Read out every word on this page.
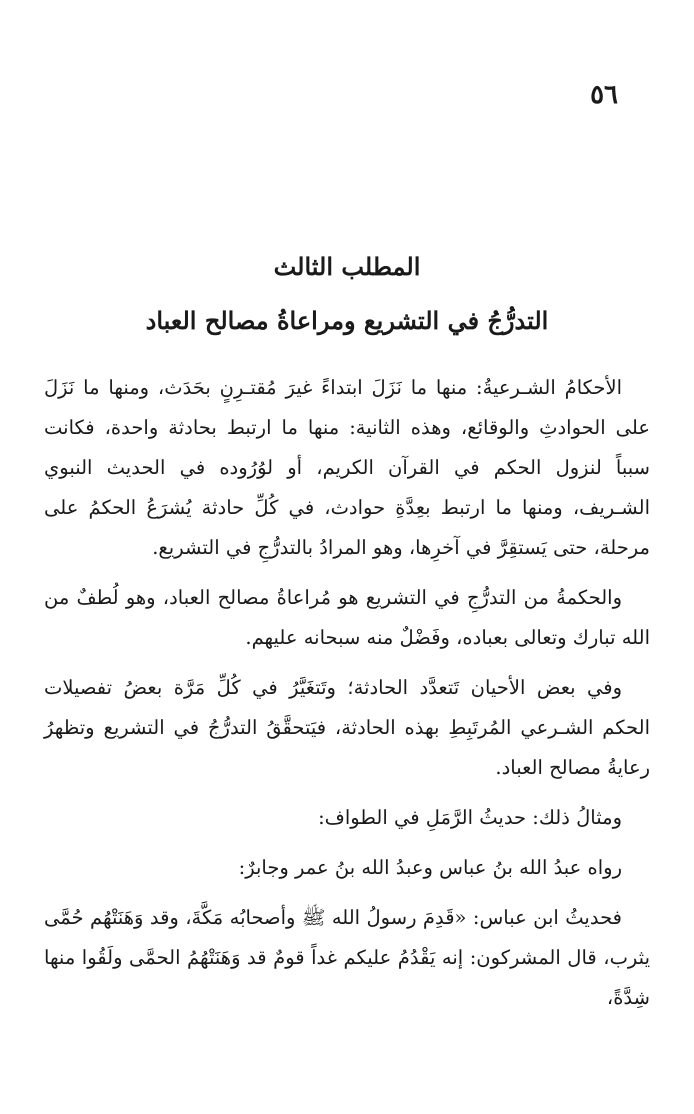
٥٦
المطلب الثالث
التدرُّجُ في التشريع ومراعاةُ مصالح العباد

الأحكامُ الشـرعيةُ: منها ما نَزَلَ ابتداءً غيرَ مُقتـرِنٍ بحَدَث، ومنها ما نَزَلَ على الحوادثِ والوقائع، وهذه الثانية: منها ما ارتبط بحادثة واحدة، فكانت سبباً لنزول الحكم في القرآن الكريم، أو لوُرُوده في الحديث النبوي الشـريف، ومنها ما ارتبط بعِدَّةِ حوادث، في كُلِّ حادثة يُشرَعُ الحكمُ على مرحلة، حتى يَستقِرَّ في آخرِها، وهو المرادُ بالتدرُّجِ في التشريع.

والحكمةُ من التدرُّجِ في التشريع هو مُراعاةُ مصالح العباد، وهو لُطفٌ من الله تبارك وتعالى بعباده، وفَضْلٌ منه سبحانه عليهم.

وفي بعض الأحيان تَتعدَّد الحادثة؛ وتَتغَيَّرُ في كُلِّ مَرَّة بعضُ تفصيلات الحكم الشـرعي المُرتَبِطِ بهذه الحادثة، فيَتحقَّقُ التدرُّجُ في التشريع وتظهرُ رعايةُ مصالح العباد.

ومثالُ ذلك: حديثُ الرَّمَلِ في الطواف:

رواه عبدُ الله بنُ عباس وعبدُ الله بنُ عمر وجابرٌ:

فحديثُ ابن عباس: «قَدِمَ رسولُ الله ﷺ وأصحابُه مَكَّةَ، وقد وَهَنَتْهُم حُمَّى يثرب، قال المشركون: إنه يَقْدُمُ عليكم غداً قومٌ قد وَهَنَتْهُمُ الحمَّى ولَقُوا منها شِدَّةً،
